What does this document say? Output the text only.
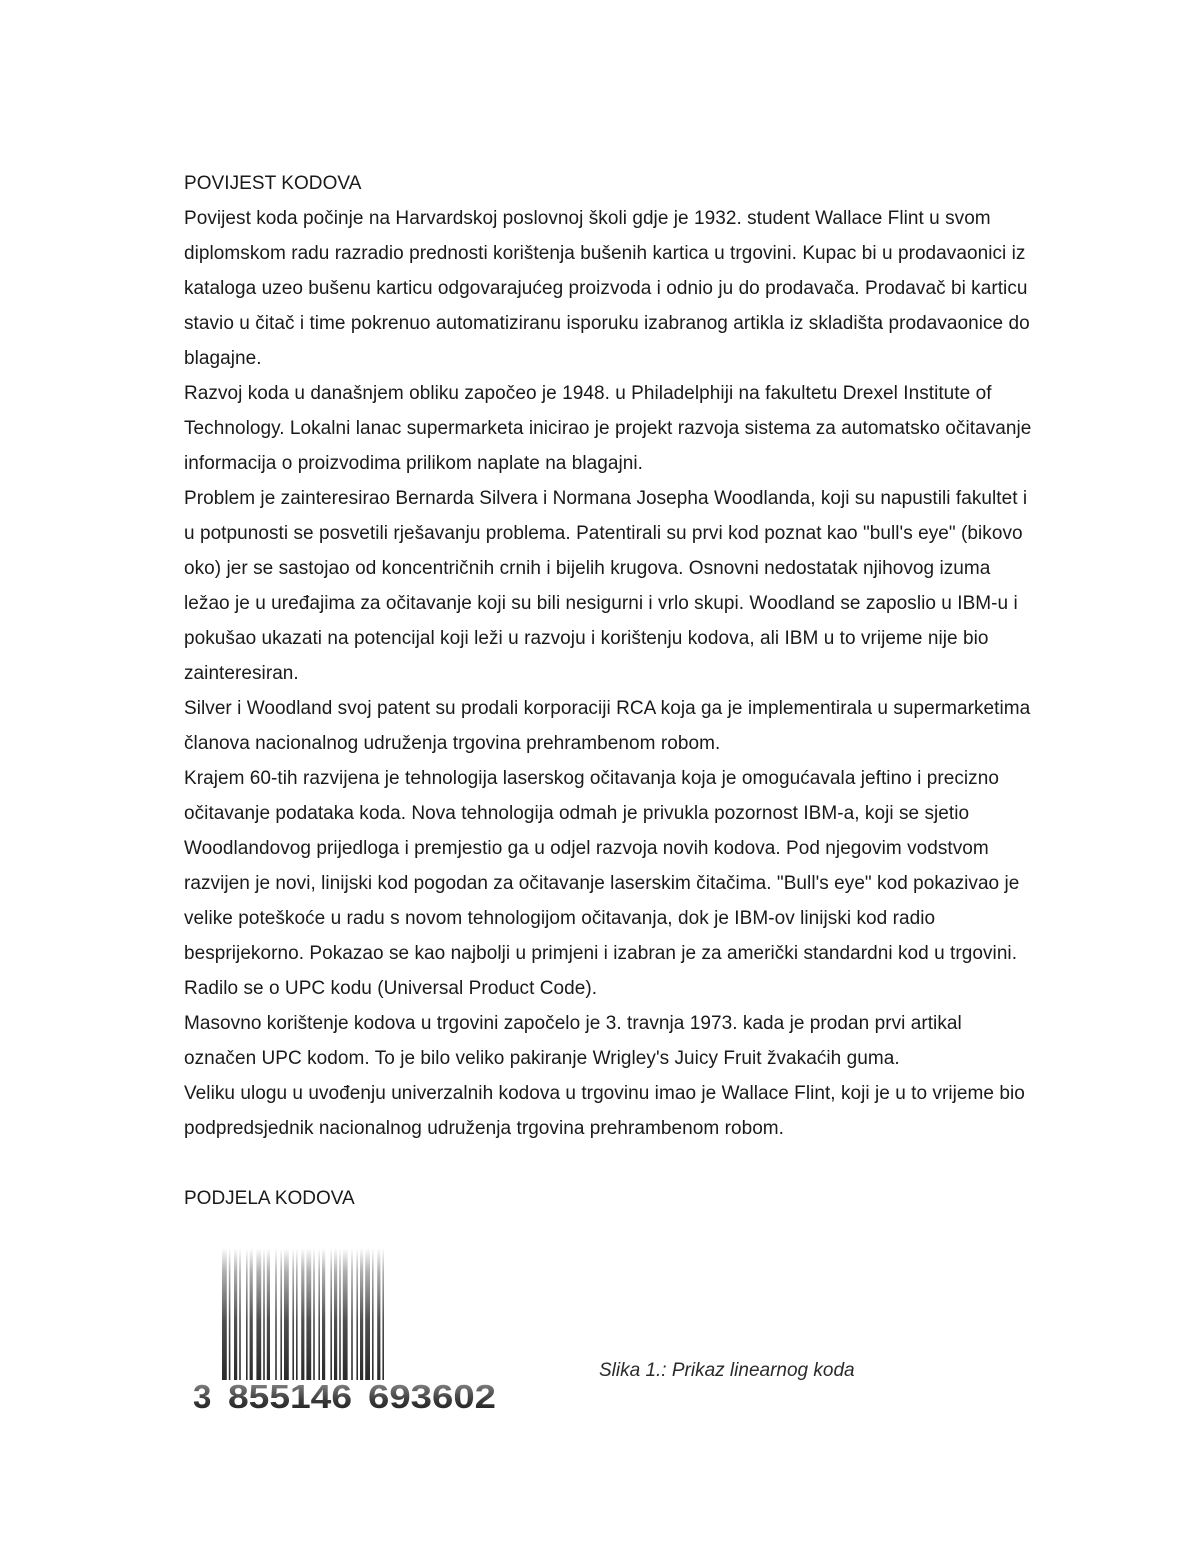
POVIJEST KODOVA

Povijest koda počinje na Harvardskoj poslovnoj školi gdje je 1932. student Wallace Flint u svom diplomskom radu razradio prednosti korištenja bušenih kartica u trgovini. Kupac bi u prodavaonici iz kataloga uzeo bušenu karticu odgovarajućeg proizvoda i odnio ju do prodavača. Prodavač bi karticu stavio u čitač i time pokrenuo automatiziranu isporuku izabranog artikla iz skladišta prodavaonice do blagajne.

Razvoj koda u današnjem obliku započeo je 1948. u Philadelphiji na fakultetu Drexel Institute of Technology. Lokalni lanac supermarketa inicirao je projekt razvoja sistema za automatsko očitavanje informacija o proizvodima prilikom naplate na blagajni.

Problem je zainteresirao Bernarda Silvera i Normana Josepha Woodlanda, koji su napustili fakultet i u potpunosti se posvetili rješavanju problema. Patentirali su prvi kod poznat kao "bull's eye" (bikovo oko) jer se sastojao od koncentričnih crnih i bijelih krugova. Osnovni nedostatak njihovog izuma ležao je u uređajima za očitavanje koji su bili nesigurni i vrlo skupi. Woodland se zaposlio u IBM-u i pokušao ukazati na potencijal koji leži u razvoju i korištenju kodova, ali IBM u to vrijeme nije bio zainteresiran.

Silver i Woodland svoj patent su prodali korporaciji RCA koja ga je implementirala u supermarketima članova nacionalnog udruženja trgovina prehrambenom robom.

Krajem 60-tih razvijena je tehnologija laserskog očitavanja koja je omogućavala jeftino i precizno očitavanje podataka koda. Nova tehnologija odmah je privukla pozornost IBM-a, koji se sjetio Woodlandovog prijedloga i premjestio ga u odjel razvoja novih kodova. Pod njegovim vodstvom razvijen je novi, linijski kod pogodan za očitavanje laserskim čitačima. "Bull's eye" kod pokazivao je velike poteškoće u radu s novom tehnologijom očitavanja, dok je IBM-ov linijski kod radio besprijekorno. Pokazao se kao najbolji u primjeni i izabran je za američki standardni kod u trgovini. Radilo se o UPC kodu (Universal Product Code).

Masovno korištenje kodova u trgovini započelo je 3. travnja 1973. kada je prodan prvi artikal označen UPC kodom. To je bilo veliko pakiranje Wrigley's Juicy Fruit žvakaćih guma.

Veliku ulogu u uvođenju univerzalnih kodova u trgovinu imao je Wallace Flint, koji je u to vrijeme bio podpredsjednik nacionalnog udruženja trgovina prehrambenom robom.

PODJELA KODOVA
3 855146 693602
Slika 1.: Prikaz linearnog koda
